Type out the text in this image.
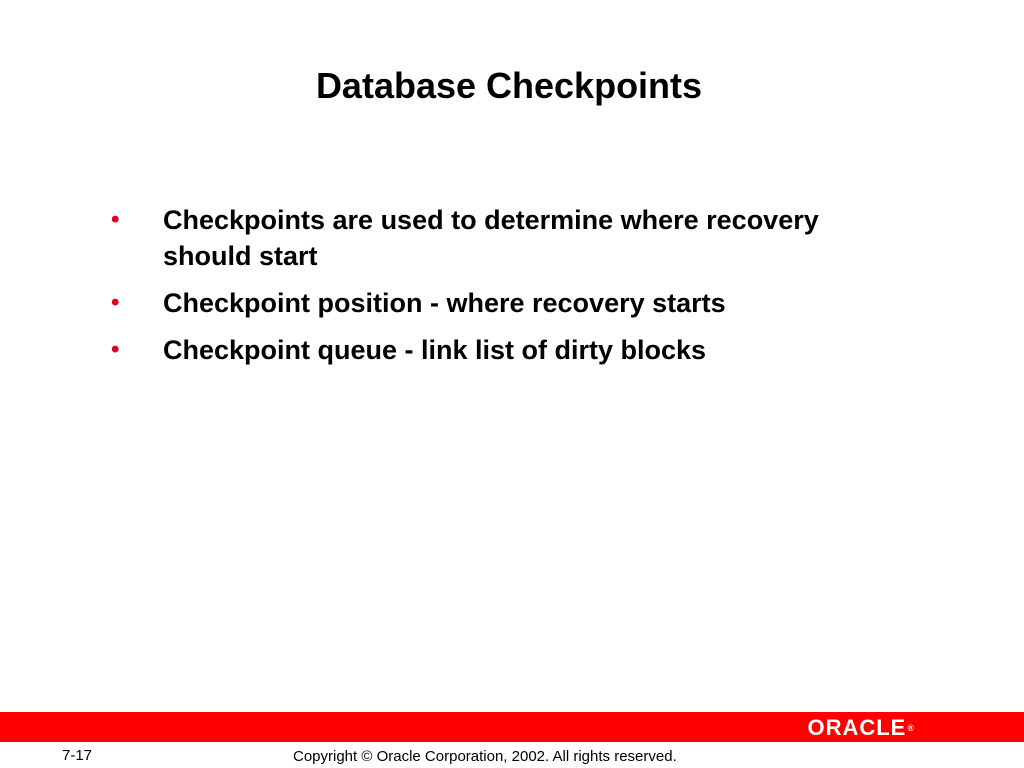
Database Checkpoints
•	Checkpoints are used to determine where recovery should start
•	Checkpoint position - where recovery starts
•	Checkpoint queue - link list of dirty blocks
ORACLE®
7-17	Copyright © Oracle Corporation, 2002. All rights reserved.
